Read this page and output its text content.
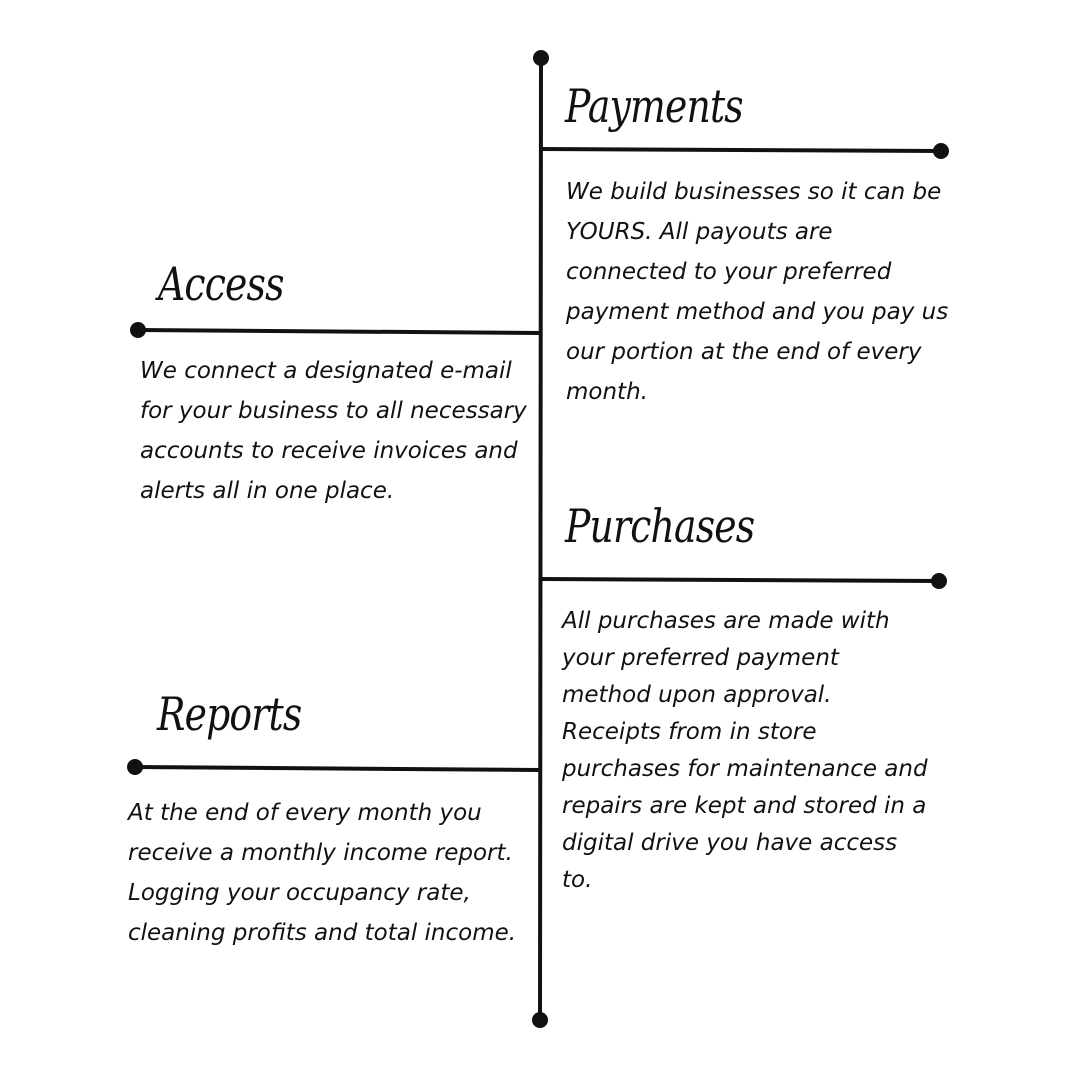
Payments

We build businesses so it can be YOURS. All payouts are connected to your preferred payment method and you pay us our portion at the end of every month.

Access

We connect a designated e-mail for your business to all necessary accounts to receive invoices and alerts all in one place.

Purchases

All purchases are made with your preferred payment method upon approval. Receipts from in store purchases for maintenance and repairs are kept and stored in a digital drive you have access to.

Reports

At the end of every month you receive a monthly income report. Logging your occupancy rate, cleaning profits and total income.
